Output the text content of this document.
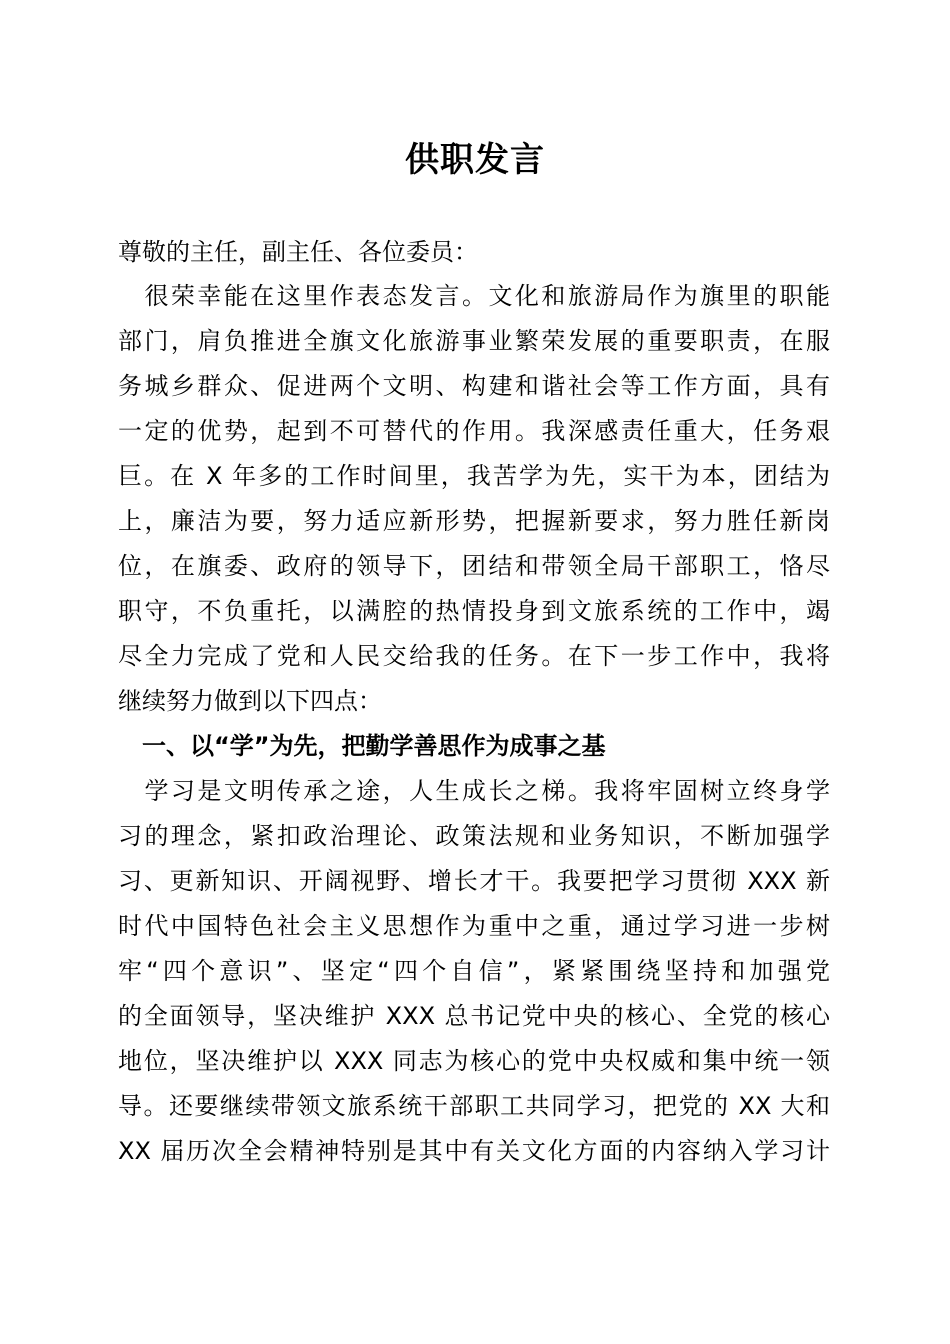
供职发言
尊敬的主任，副主任、各位委员：
　很荣幸能在这里作表态发言。文化和旅游局作为旗里的职能
部门，肩负推进全旗文化旅游事业繁荣发展的重要职责，在服
务城乡群众、促进两个文明、构建和谐社会等工作方面，具有
一定的优势，起到不可替代的作用。我深感责任重大，任务艰
巨。在 X 年多的工作时间里，我苦学为先，实干为本，团结为
上，廉洁为要，努力适应新形势，把握新要求，努力胜任新岗
位，在旗委、政府的领导下，团结和带领全局干部职工，恪尽
职守，不负重托，以满腔的热情投身到文旅系统的工作中，竭
尽全力完成了党和人民交给我的任务。在下一步工作中，我将
继续努力做到以下四点：
　一、以“学”为先，把勤学善思作为成事之基
　学习是文明传承之途，人生成长之梯。我将牢固树立终身学
习的理念，紧扣政治理论、政策法规和业务知识，不断加强学
习、更新知识、开阔视野、增长才干。我要把学习贯彻 XXX 新
时代中国特色社会主义思想作为重中之重，通过学习进一步树
牢“四个意识”、坚定“四个自信”，紧紧围绕坚持和加强党
的全面领导，坚决维护 XXX 总书记党中央的核心、全党的核心
地位，坚决维护以 XXX 同志为核心的党中央权威和集中统一领
导。还要继续带领文旅系统干部职工共同学习，把党的 XX 大和
XX 届历次全会精神特别是其中有关文化方面的内容纳入学习计
